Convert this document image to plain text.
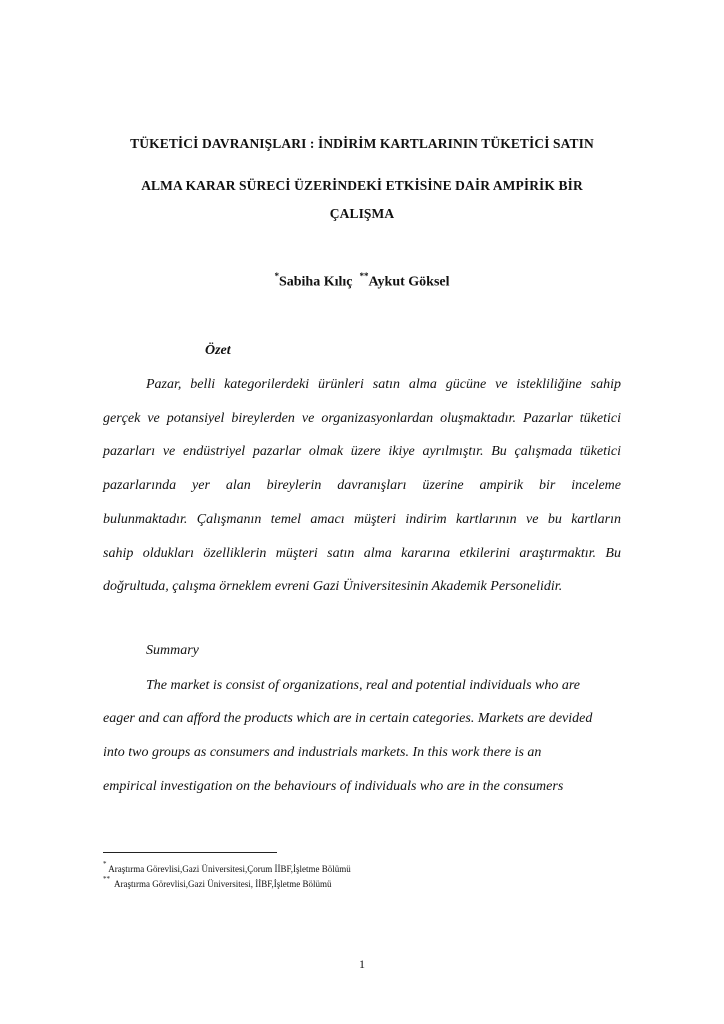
TÜKETİCİ DAVRANIŞLARI : İNDİRİM KARTLARININ TÜKETİCİ SATIN
ALMA KARAR SÜRECİ ÜZERİNDEKİ ETKİSİNE DAİR AMPİRİK BİR
ÇALIŞMA
*Sabiha Kılıç **Aykut Göksel
Özet
Pazar, belli kategorilerdeki ürünleri satın alma gücüne ve istekliliğine sahip
gerçek ve potansiyel bireylerden ve organizasyonlardan oluşmaktadır. Pazarlar tüketici
pazarları ve endüstriyel pazarlar olmak üzere ikiye ayrılmıştır. Bu çalışmada tüketici
pazarlarında yer alan bireylerin davranışları üzerine ampirik bir inceleme
bulunmaktadır. Çalışmanın temel amacı müşteri indirim kartlarının ve bu kartların
sahip oldukları özelliklerin müşteri satın alma kararına etkilerini araştırmaktır. Bu
doğrultuda, çalışma örneklem evreni Gazi Üniversitesinin Akademik Personelidir.
Summary
The market is consist of organizations, real and potential individuals who are
eager and can afford the products which are in certain categories. Markets are devided
into two groups as consumers and industrials markets. In this work there is an
empirical investigation on the behaviours of individuals who are in the consumers
* Araştırma Görevlisi,Gazi Üniversitesi,Çorum İİBF,İşletme Bölümü
**  Araştırma Görevlisi,Gazi Üniversitesi, İİBF,İşletme Bölümü
1
